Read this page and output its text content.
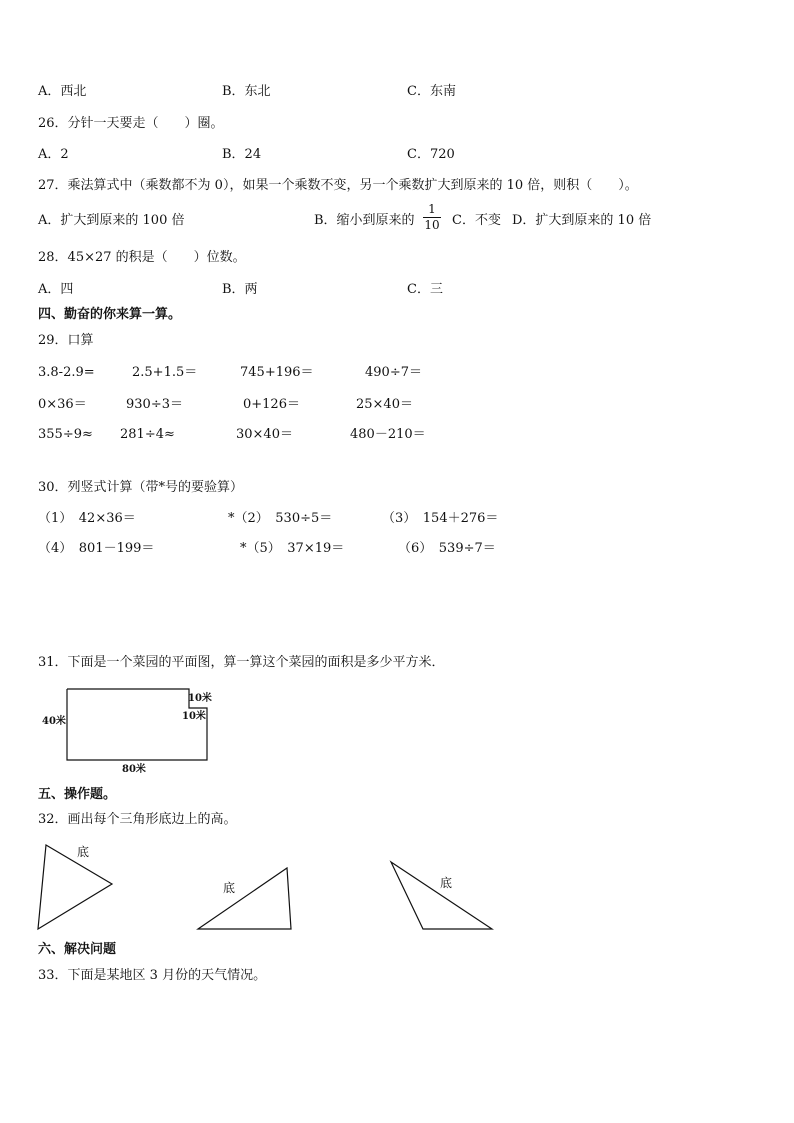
A．西北	B．东北	C．东南
26．分针一天要走（　　）圈。
A．2	B．24	C．720
27．乘法算式中（乘数都不为 0），如果一个乘数不变，另一个乘数扩大到原来的 10 倍，则积（　　）。
A．扩大到原来的 100 倍	B．缩小到原来的
1
10 C．不变 D．扩大到原来的 10 倍
28．45×27 的积是（　　）位数。
A．四	B．两	C．三
四、勤奋的你来算一算。
29．口算
3.8-2.9=	2.5+1.5＝	745+196＝	490÷7＝
0×36＝	930÷3＝	0+126＝	25×40＝
355÷9≈ 281÷4≈	30×40＝	480－210＝
30．列竖式计算（带*号的要验算）
（1）　42×36＝	*（2）　530÷5＝	（3）　154＋276＝
（4）　801－199＝	*（5）　37×19＝	（6）　539÷7＝
31．下面是一个菜园的平面图，算一算这个菜园的面积是多少平方米．
40米
80米
10米
10米
五、操作题。
32．画出每个三角形底边上的高。
底
底	底
六、解决问题
33．下面是某地区 3 月份的天气情况。
